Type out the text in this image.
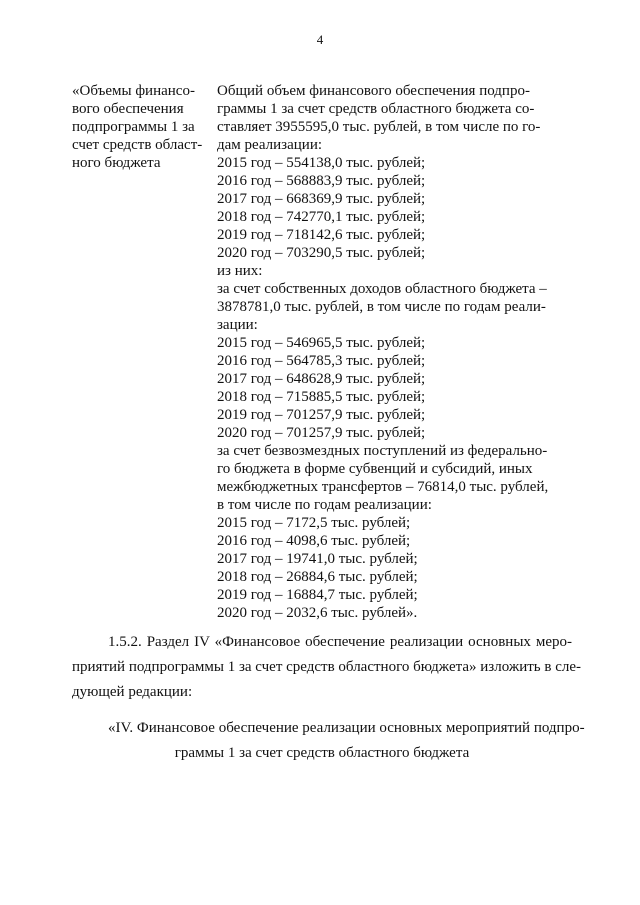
4
«Объемы финансо-
вого обеспечения
подпрограммы 1 за
счет средств област-
ного бюджета
Общий объем финансового обеспечения подпро-
граммы 1 за счет средств областного бюджета со-
ставляет 3955595,0 тыс. рублей, в том числе по го-
дам реализации:
2015 год – 554138,0 тыс. рублей;
2016 год – 568883,9 тыс. рублей;
2017 год – 668369,9 тыс. рублей;
2018 год – 742770,1 тыс. рублей;
2019 год – 718142,6 тыс. рублей;
2020 год – 703290,5 тыс. рублей;
из них:
за счет собственных доходов областного бюджета –
3878781,0 тыс. рублей, в том числе по годам реали-
зации:
2015 год – 546965,5 тыс. рублей;
2016 год – 564785,3 тыс. рублей;
2017 год – 648628,9 тыс. рублей;
2018 год – 715885,5 тыс. рублей;
2019 год – 701257,9 тыс. рублей;
2020 год – 701257,9 тыс. рублей;
за счет безвозмездных поступлений из федерально-
го бюджета в форме субвенций и субсидий, иных
межбюджетных трансфертов – 76814,0 тыс. рублей,
в том числе по годам реализации:
2015 год – 7172,5 тыс. рублей;
2016 год – 4098,6 тыс. рублей;
2017 год – 19741,0 тыс. рублей;
2018 год – 26884,6 тыс. рублей;
2019 год – 16884,7 тыс. рублей;
2020 год – 2032,6 тыс. рублей».
1.5.2. Раздел IV «Финансовое обеспечение реализации основных меро-
приятий подпрограммы 1 за счет средств областного бюджета» изложить в сле-
дующей редакции:
«IV. Финансовое обеспечение реализации основных мероприятий подпро-
граммы 1 за счет средств областного бюджета
